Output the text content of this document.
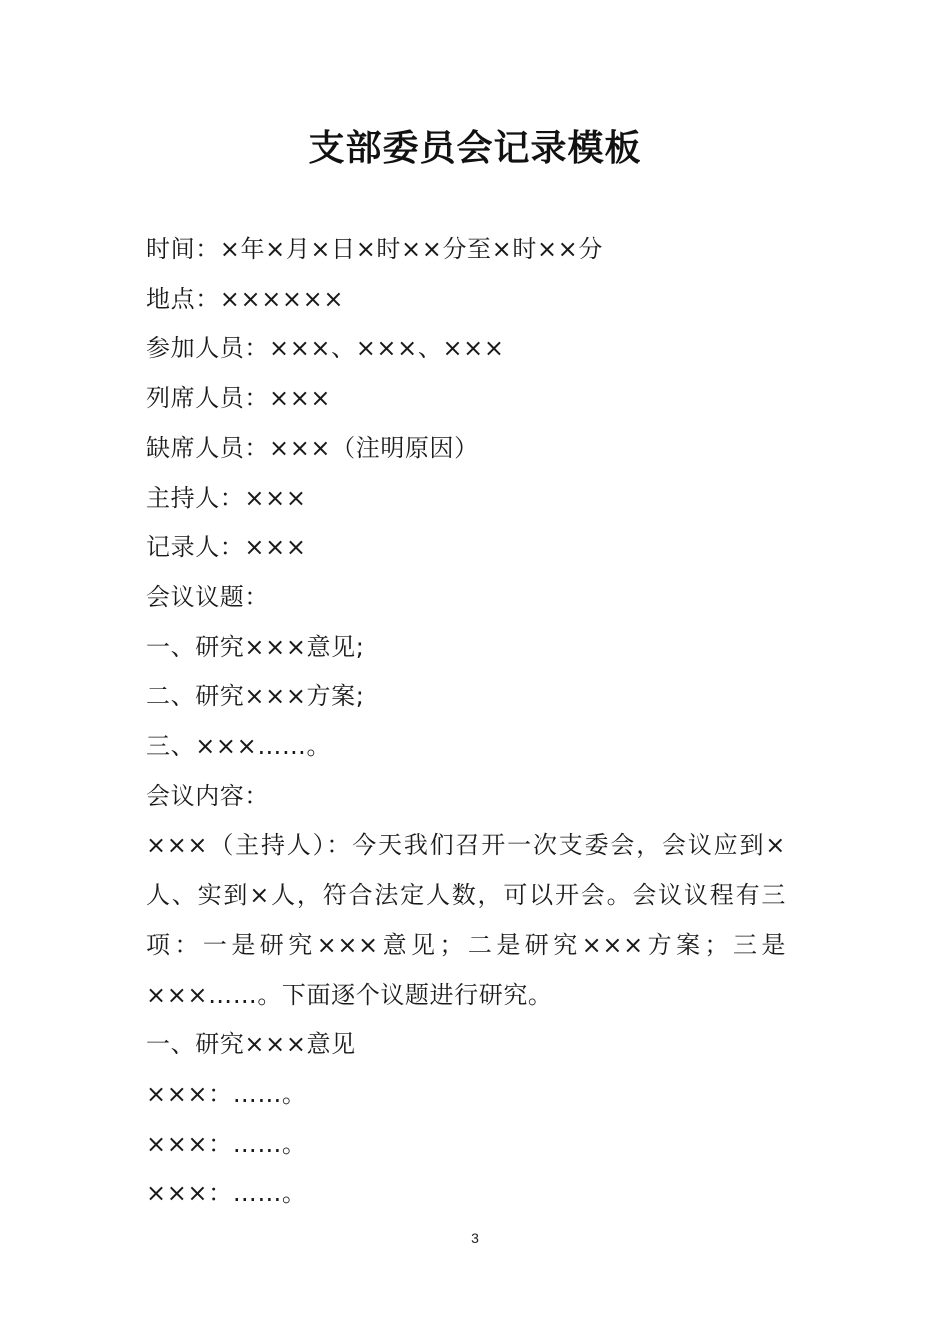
支部委员会记录模板

时间：×年×月×日×时××分至×时××分

地点：××××××

参加人员：×××、×××、×××

列席人员：×××

缺席人员：×××（注明原因）

主持人：×××

记录人：×××

会议议题：

一、研究×××意见;

二、研究×××方案;

三、×××……。

会议内容：

×××（主持人）：今天我们召开一次支委会，会议应到×人、实到×人，符合法定人数，可以开会。会议议程有三项：一是研究×××意见；二是研究×××方案；三是×××……。下面逐个议题进行研究。

一、研究×××意见

×××：……。

×××：……。

×××：……。

3
